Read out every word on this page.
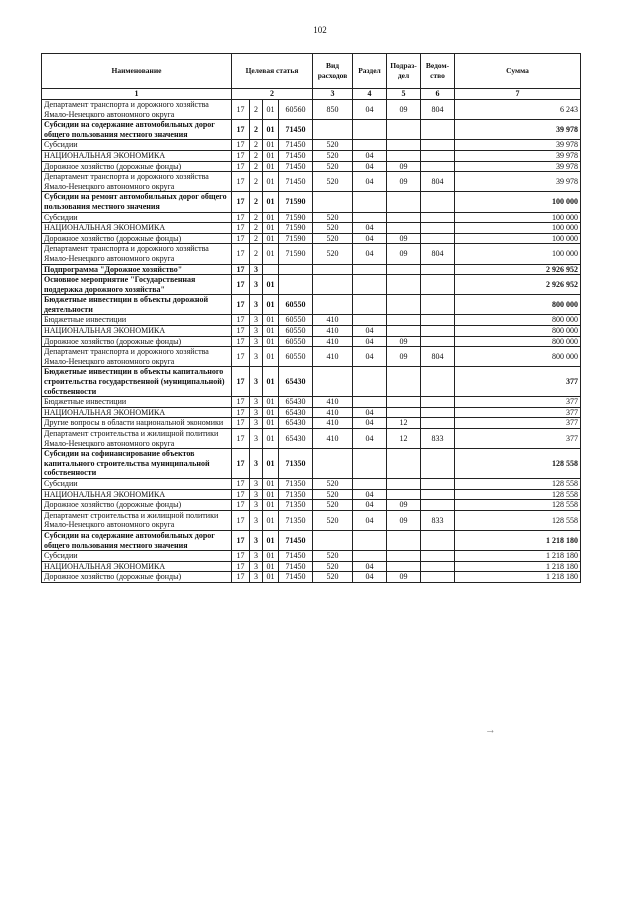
102
Наименование	Целевая статья				Вид расходов	Раздел	Подраз-дел	Ведом-ство	Сумма
1	2				3	4	5	6	7
Департамент транспорта и дорожного хозяйства Ямало-Ненецкого автономного округа	17	2	01	60560	850	04	09	804	6 243
Субсидии на содержание автомобильных дорог общего пользования местного значения	17	2	01	71450					39 978
Субсидии	17	2	01	71450	520				39 978
НАЦИОНАЛЬНАЯ ЭКОНОМИКА	17	2	01	71450	520	04			39 978
Дорожное хозяйство (дорожные фонды)	17	2	01	71450	520	04	09		39 978
Департамент транспорта и дорожного хозяйства Ямало-Ненецкого автономного округа	17	2	01	71450	520	04	09	804	39 978
Субсидии на ремонт автомобильных дорог общего пользования местного значения	17	2	01	71590					100 000
Субсидии	17	2	01	71590	520				100 000
НАЦИОНАЛЬНАЯ ЭКОНОМИКА	17	2	01	71590	520	04			100 000
Дорожное хозяйство (дорожные фонды)	17	2	01	71590	520	04	09		100 000
Департамент транспорта и дорожного хозяйства Ямало-Ненецкого автономного округа	17	2	01	71590	520	04	09	804	100 000
Подпрограмма "Дорожное хозяйство"	17	3							2 926 952
Основное мероприятие "Государственная поддержка дорожного хозяйства"	17	3	01						2 926 952
Бюджетные инвестиции в объекты дорожной деятельности	17	3	01	60550					800 000
Бюджетные инвестиции	17	3	01	60550	410				800 000
НАЦИОНАЛЬНАЯ ЭКОНОМИКА	17	3	01	60550	410	04			800 000
Дорожное хозяйство (дорожные фонды)	17	3	01	60550	410	04	09		800 000
Департамент транспорта и дорожного хозяйства Ямало-Ненецкого автономного округа	17	3	01	60550	410	04	09	804	800 000
Бюджетные инвестиции в объекты капитального строительства государственной (муниципальной) собственности	17	3	01	65430					377
Бюджетные инвестиции	17	3	01	65430	410				377
НАЦИОНАЛЬНАЯ ЭКОНОМИКА	17	3	01	65430	410	04			377
Другие вопросы в области национальной экономики	17	3	01	65430	410	04	12		377
Департамент строительства и жилищной политики Ямало-Ненецкого автономного округа	17	3	01	65430	410	04	12	833	377
Субсидии на софинансирование объектов капитального строительства муниципальной собственности	17	3	01	71350					128 558
Субсидии	17	3	01	71350	520				128 558
НАЦИОНАЛЬНАЯ ЭКОНОМИКА	17	3	01	71350	520	04			128 558
Дорожное хозяйство (дорожные фонды)	17	3	01	71350	520	04	09		128 558
Департамент строительства и жилищной политики Ямало-Ненецкого автономного округа	17	3	01	71350	520	04	09	833	128 558
Субсидии на содержание автомобильных дорог общего пользования местного значения	17	3	01	71450					1 218 180
Субсидии	17	3	01	71450	520				1 218 180
НАЦИОНАЛЬНАЯ ЭКОНОМИКА	17	3	01	71450	520	04			1 218 180
Дорожное хозяйство (дорожные фонды)	17	3	01	71450	520	04	09		1 218 180
⤑
